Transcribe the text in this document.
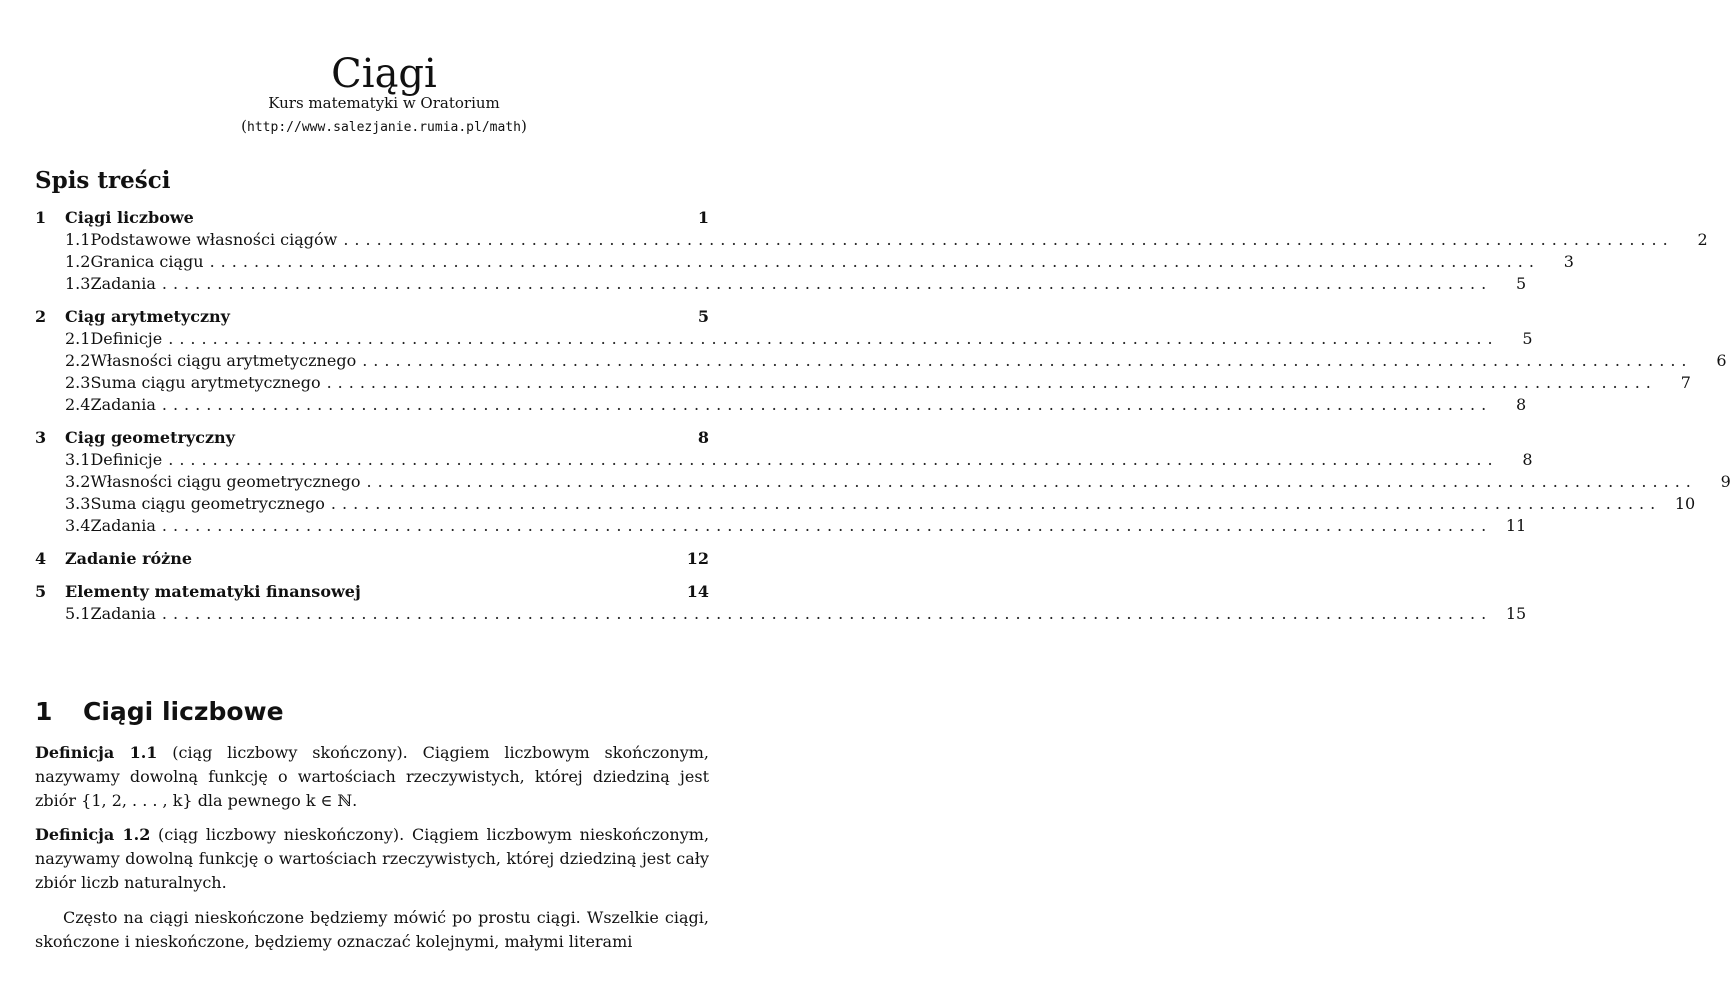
Ciągi
Kurs matematyki w Oratorium
(http://www.salezjanie.rumia.pl/math)
Spis treści
1	Ciągi liczbowe	1
1.1 Podstawowe własności ciągów ........................................................................................................................	2
1.2 Granica ciągu ........................................................................................................................	3
1.3 Zadania ........................................................................................................................	5
2	Ciąg arytmetyczny	5
2.1 Definicje ........................................................................................................................	5
2.2 Własności ciągu arytmetycznego ........................................................................................................................	6
2.3 Suma ciągu arytmetycznego ........................................................................................................................	7
2.4 Zadania ........................................................................................................................	8
3	Ciąg geometryczny	8
3.1 Definicje ........................................................................................................................	8
3.2 Własności ciągu geometrycznego ........................................................................................................................	9
3.3 Suma ciągu geometrycznego ........................................................................................................................ 10
3.4 Zadania ........................................................................................................................ 11
4	Zadanie różne	12
5	Elementy matematyki finansowej	14
5.1 Zadania ........................................................................................................................ 15
1 Ciągi liczbowe
Definicja 1.1 (ciąg liczbowy skończony). Ciągiem liczbowym skończonym, nazywamy dowolną funkcję o wartościach rzeczywistych, której dziedziną jest zbiór {1, 2, . . . , k} dla pewnego k ∈ ℕ.
Definicja 1.2 (ciąg liczbowy nieskończony). Ciągiem liczbowym nieskończonym, nazywamy dowolną funkcję o wartościach rzeczywistych, której dziedziną jest cały zbiór liczb naturalnych.
Często na ciągi nieskończone będziemy mówić po prostu ciągi. Wszelkie ciągi, skończone i nieskończone, będziemy oznaczać kolejnymi, małymi literami
